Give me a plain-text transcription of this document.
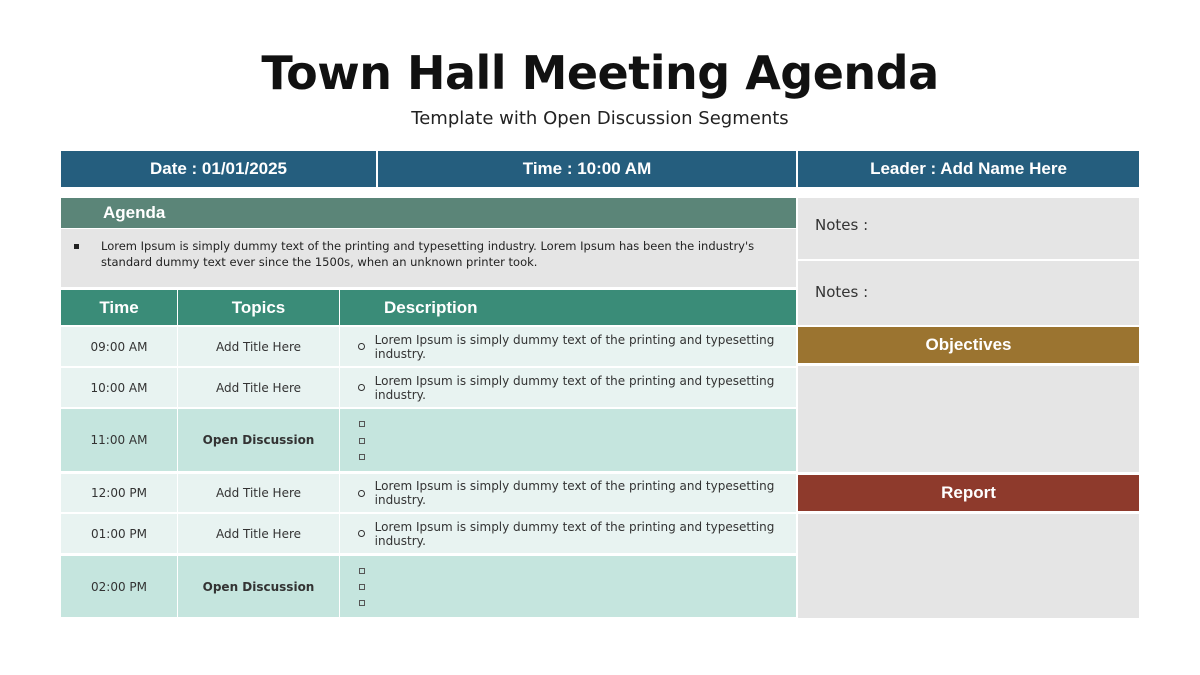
Town Hall Meeting Agenda
Template with Open Discussion Segments
Date : 01/01/2025	Time : 10:00 AM	Leader : Add Name Here
Agenda
Lorem Ipsum is simply dummy text of the printing and typesetting industry. Lorem Ipsum has been the industry's standard dummy text ever since the 1500s, when an unknown printer took.
Time	Topics	Description
09:00 AM	Add Title Here	Lorem Ipsum is simply dummy text of the printing and typesetting industry.
10:00 AM	Add Title Here	Lorem Ipsum is simply dummy text of the printing and typesetting industry.
11:00 AM	Open Discussion
12:00 PM	Add Title Here	Lorem Ipsum is simply dummy text of the printing and typesetting industry.
01:00 PM	Add Title Here	Lorem Ipsum is simply dummy text of the printing and typesetting industry.
02:00 PM	Open Discussion
Notes :
Notes :
Objectives
Report
